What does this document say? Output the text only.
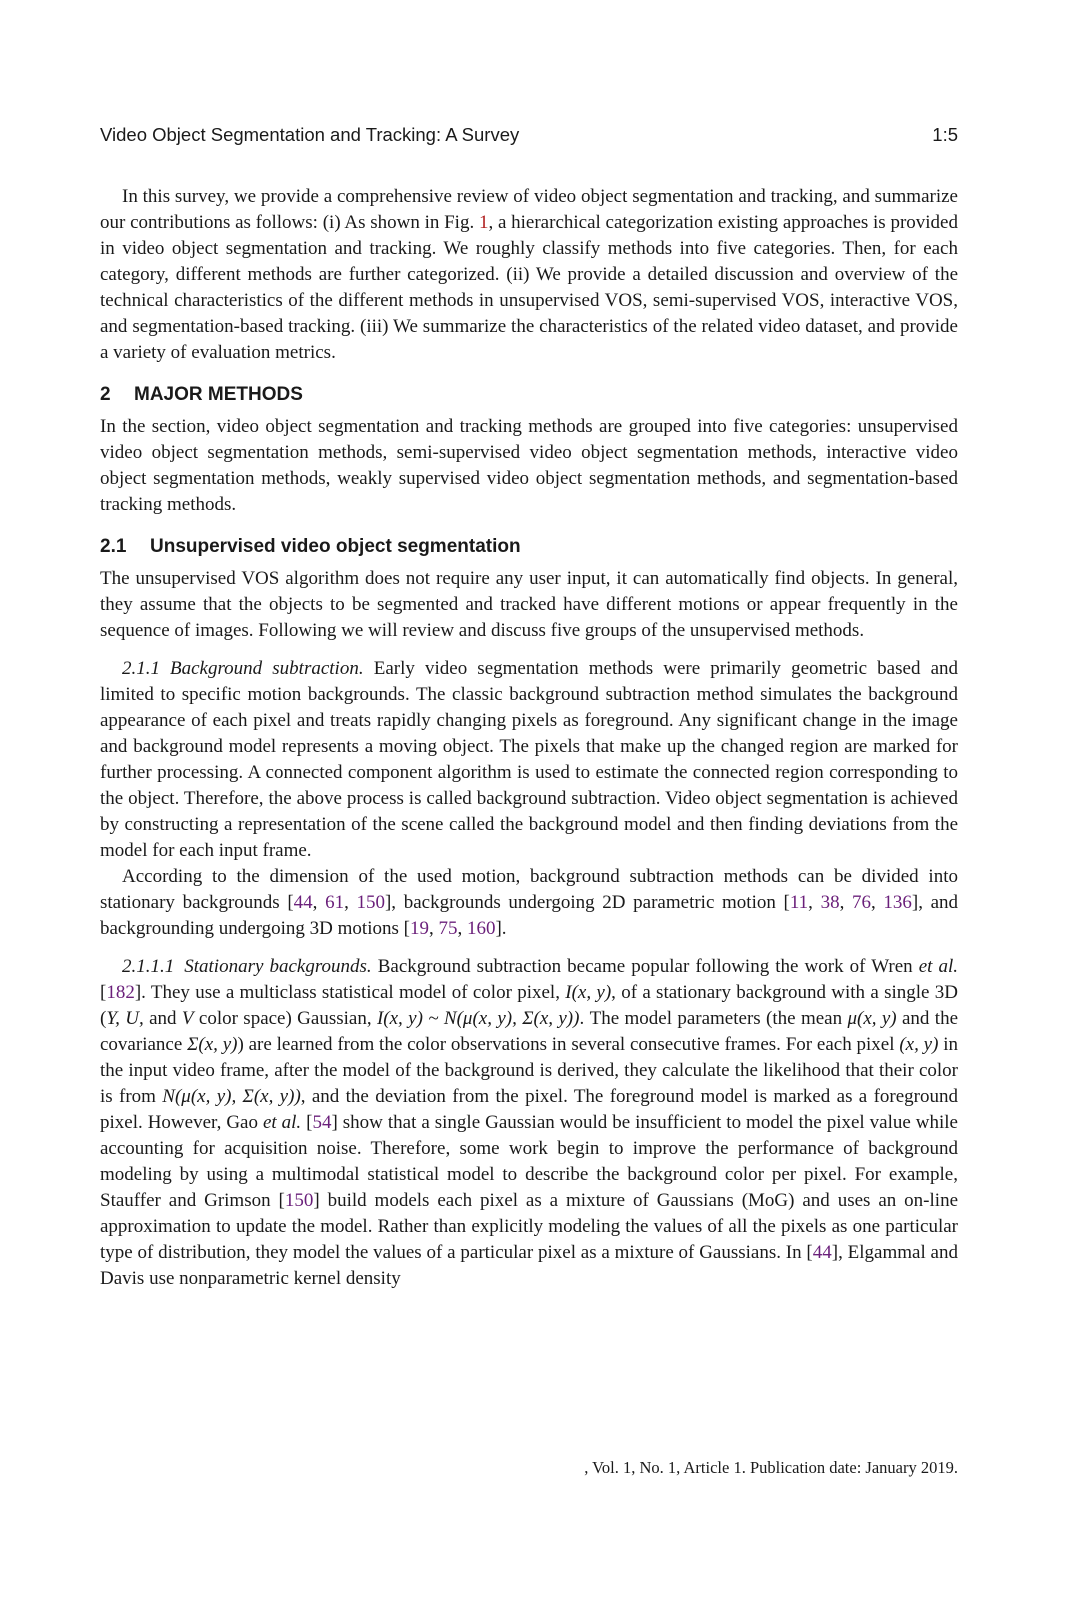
Video Object Segmentation and Tracking: A Survey	1:5

In this survey, we provide a comprehensive review of video object segmentation and tracking, and summarize our contributions as follows: (i) As shown in Fig. 1, a hierarchical categorization existing approaches is provided in video object segmentation and tracking. We roughly classify methods into five categories. Then, for each category, different methods are further categorized. (ii) We provide a detailed discussion and overview of the technical characteristics of the different methods in unsupervised VOS, semi-supervised VOS, interactive VOS, and segmentation-based tracking. (iii) We summarize the characteristics of the related video dataset, and provide a variety of evaluation metrics.

2 MAJOR METHODS

In the section, video object segmentation and tracking methods are grouped into five categories: unsupervised video object segmentation methods, semi-supervised video object segmentation methods, interactive video object segmentation methods, weakly supervised video object segmentation methods, and segmentation-based tracking methods.

2.1 Unsupervised video object segmentation

The unsupervised VOS algorithm does not require any user input, it can automatically find objects. In general, they assume that the objects to be segmented and tracked have different motions or appear frequently in the sequence of images. Following we will review and discuss five groups of the unsupervised methods.

2.1.1 Background subtraction. Early video segmentation methods were primarily geometric based and limited to specific motion backgrounds. The classic background subtraction method simulates the background appearance of each pixel and treats rapidly changing pixels as foreground. Any significant change in the image and background model represents a moving object. The pixels that make up the changed region are marked for further processing. A connected component algorithm is used to estimate the connected region corresponding to the object. Therefore, the above process is called background subtraction. Video object segmentation is achieved by constructing a representation of the scene called the background model and then finding deviations from the model for each input frame.

According to the dimension of the used motion, background subtraction methods can be divided into stationary backgrounds [44, 61, 150], backgrounds undergoing 2D parametric motion [11, 38, 76, 136], and backgrounding undergoing 3D motions [19, 75, 160].

2.1.1.1 Stationary backgrounds. Background subtraction became popular following the work of Wren et al. [182]. They use a multiclass statistical model of color pixel, I(x, y), of a stationary background with a single 3D (Y, U, and V color space) Gaussian, I(x, y) ~ N(μ(x, y), Σ(x, y)). The model parameters (the mean μ(x, y) and the covariance Σ(x, y)) are learned from the color observations in several consecutive frames. For each pixel (x, y) in the input video frame, after the model of the background is derived, they calculate the likelihood that their color is from N(μ(x, y), Σ(x, y)), and the deviation from the pixel. The foreground model is marked as a foreground pixel. However, Gao et al. [54] show that a single Gaussian would be insufficient to model the pixel value while accounting for acquisition noise. Therefore, some work begin to improve the performance of background modeling by using a multimodal statistical model to describe the background color per pixel. For example, Stauffer and Grimson [150] build models each pixel as a mixture of Gaussians (MoG) and uses an on-line approximation to update the model. Rather than explicitly modeling the values of all the pixels as one particular type of distribution, they model the values of a particular pixel as a mixture of Gaussians. In [44], Elgammal and Davis use nonparametric kernel density

, Vol. 1, No. 1, Article 1. Publication date: January 2019.
